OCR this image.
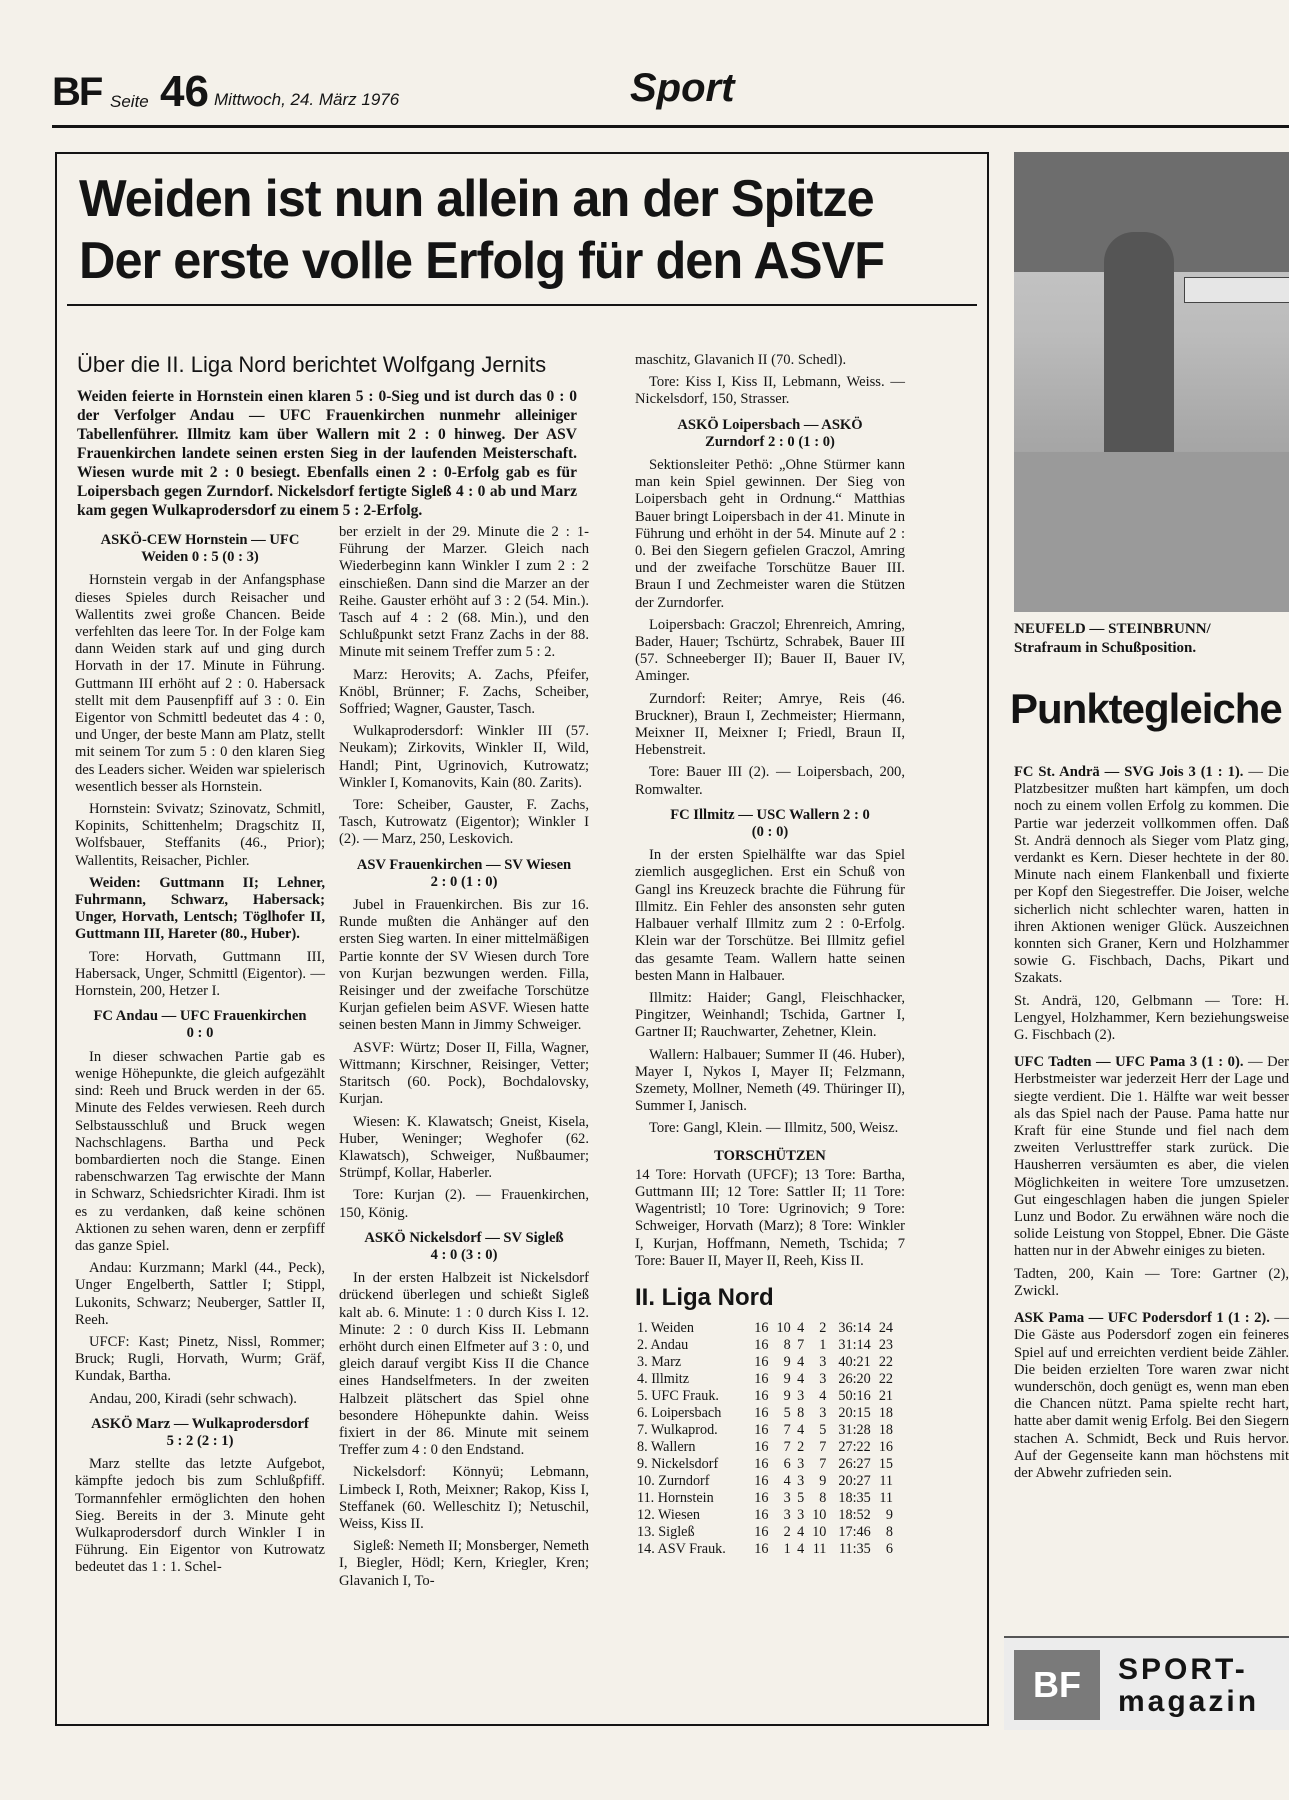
BF Seite 46 Mittwoch, 24. März 1976	Sport
Weiden ist nun allein an der Spitze
Der erste volle Erfolg für den ASVF
Über die II. Liga Nord berichtet Wolfgang Jernits
Weiden feierte in Hornstein einen klaren 5 : 0-Sieg und ist durch das 0 : 0 der Verfolger Andau — UFC Frauenkirchen nunmehr alleiniger Tabellenführer. Illmitz kam über Wallern mit 2 : 0 hinweg. Der ASV Frauenkirchen landete seinen ersten Sieg in der laufenden Meisterschaft. Wiesen wurde mit 2 : 0 besiegt. Ebenfalls einen 2 : 0-Erfolg gab es für Loipersbach gegen Zurndorf. Nickelsdorf fertigte Sigleß 4 : 0 ab und Marz kam gegen Wulkaprodersdorf zu einem 5 : 2-Erfolg.
ASKÖ-CEW Hornstein — UFC
Weiden 0 : 5 (0 : 3)

Hornstein vergab in der Anfangsphase dieses Spieles durch Reisacher und Wallentits zwei große Chancen. Beide verfehlten das leere Tor. In der Folge kam dann Weiden stark auf und ging durch Horvath in der 17. Minute in Führung. Guttmann III erhöht auf 2 : 0. Habersack stellt mit dem Pausenpfiff auf 3 : 0. Ein Eigentor von Schmittl bedeutet das 4 : 0, und Unger, der beste Mann am Platz, stellt mit seinem Tor zum 5 : 0 den klaren Sieg des Leaders sicher. Weiden war spielerisch wesentlich besser als Hornstein.

Hornstein: Svivatz; Szinovatz, Schmitl, Kopinits, Schittenhelm; Dragschitz II, Wolfsbauer, Steffanits (46., Prior); Wallentits, Reisacher, Pichler.

Weiden: Guttmann II; Lehner, Fuhrmann, Schwarz, Habersack; Unger, Horvath, Lentsch; Töglhofer II, Guttmann III, Hareter (80., Huber).

Tore: Horvath, Guttmann III, Habersack, Unger, Schmittl (Eigentor). — Hornstein, 200, Hetzer I.

FC Andau — UFC Frauenkirchen
0 : 0

In dieser schwachen Partie gab es wenige Höhepunkte, die gleich aufgezählt sind: Reeh und Bruck werden in der 65. Minute des Feldes verwiesen. Reeh durch Selbstausschluß und Bruck wegen Nachschlagens. Bartha und Peck bombardierten noch die Stange. Einen rabenschwarzen Tag erwischte der Mann in Schwarz, Schiedsrichter Kiradi. Ihm ist es zu verdanken, daß keine schönen Aktionen zu sehen waren, denn er zerpfiff das ganze Spiel.

Andau: Kurzmann; Markl (44., Peck), Unger Engelberth, Sattler I; Stippl, Lukonits, Schwarz; Neuberger, Sattler II, Reeh.

UFCF: Kast; Pinetz, Nissl, Rommer; Bruck; Rugli, Horvath, Wurm; Gräf, Kundak, Bartha.

Andau, 200, Kiradi (sehr schwach).

ASKÖ Marz — Wulkaprodersdorf
5 : 2 (2 : 1)

Marz stellte das letzte Aufgebot, kämpfte jedoch bis zum Schlußpfiff. Tormannfehler ermöglichten den hohen Sieg. Bereits in der 3. Minute geht Wulkaprodersdorf durch Winkler I in Führung. Ein Eigentor von Kutrowatz bedeutet das 1 : 1. Schel-

ber erzielt in der 29. Minute die 2 : 1-Führung der Marzer. Gleich nach Wiederbeginn kann Winkler I zum 2 : 2 einschießen. Dann sind die Marzer an der Reihe. Gauster erhöht auf 3 : 2 (54. Min.). Tasch auf 4 : 2 (68. Min.), und den Schlußpunkt setzt Franz Zachs in der 88. Minute mit seinem Treffer zum 5 : 2.

Marz: Herovits; A. Zachs, Pfeifer, Knöbl, Brünner; F. Zachs, Scheiber, Soffried; Wagner, Gauster, Tasch.

Wulkaprodersdorf: Winkler III (57. Neukam); Zirkovits, Winkler II, Wild, Handl; Pint, Ugrinovich, Kutrowatz; Winkler I, Komanovits, Kain (80. Zarits).

Tore: Scheiber, Gauster, F. Zachs, Tasch, Kutrowatz (Eigentor); Winkler I (2). — Marz, 250, Leskovich.

ASV Frauenkirchen — SV Wiesen
2 : 0 (1 : 0)

Jubel in Frauenkirchen. Bis zur 16. Runde mußten die Anhänger auf den ersten Sieg warten. In einer mittelmäßigen Partie konnte der SV Wiesen durch Tore von Kurjan bezwungen werden. Filla, Reisinger und der zweifache Torschütze Kurjan gefielen beim ASVF. Wiesen hatte seinen besten Mann in Jimmy Schweiger.

ASVF: Würtz; Doser II, Filla, Wagner, Wittmann; Kirschner, Reisinger, Vetter; Staritsch (60. Pock), Bochdalovsky, Kurjan.

Wiesen: K. Klawatsch; Gneist, Kisela, Huber, Weninger; Weghofer (62. Klawatsch), Schweiger, Nußbaumer; Strümpf, Kollar, Haberler.

Tore: Kurjan (2). — Frauenkirchen, 150, König.

ASKÖ Nickelsdorf — SV Sigleß
4 : 0 (3 : 0)

In der ersten Halbzeit ist Nickelsdorf drückend überlegen und schießt Sigleß kalt ab. 6. Minute: 1 : 0 durch Kiss I. 12. Minute: 2 : 0 durch Kiss II. Lebmann erhöht durch einen Elfmeter auf 3 : 0, und gleich darauf vergibt Kiss II die Chance eines Handselfmeters. In der zweiten Halbzeit plätschert das Spiel ohne besondere Höhepunkte dahin. Weiss fixiert in der 86. Minute mit seinem Treffer zum 4 : 0 den Endstand.

Nickelsdorf: Könnyü; Lebmann, Limbeck I, Roth, Meixner; Rakop, Kiss I, Steffanek (60. Welleschitz I); Netuschil, Weiss, Kiss II.

Sigleß: Nemeth II; Monsberger, Nemeth I, Biegler, Hödl; Kern, Kriegler, Kren; Glavanich I, To-

maschitz, Glavanich II (70. Schedl).

Tore: Kiss I, Kiss II, Lebmann, Weiss. — Nickelsdorf, 150, Strasser.

ASKÖ Loipersbach — ASKÖ
Zurndorf 2 : 0 (1 : 0)

Sektionsleiter Pethö: „Ohne Stürmer kann man kein Spiel gewinnen. Der Sieg von Loipersbach geht in Ordnung.“ Matthias Bauer bringt Loipersbach in der 41. Minute in Führung und erhöht in der 54. Minute auf 2 : 0. Bei den Siegern gefielen Graczol, Amring und der zweifache Torschütze Bauer III. Braun I und Zechmeister waren die Stützen der Zurndorfer.

Loipersbach: Graczol; Ehrenreich, Amring, Bader, Hauer; Tschürtz, Schrabek, Bauer III (57. Schneeberger II); Bauer II, Bauer IV, Aminger.

Zurndorf: Reiter; Amrye, Reis (46. Bruckner), Braun I, Zechmeister; Hiermann, Meixner II, Meixner I; Friedl, Braun II, Hebenstreit.

Tore: Bauer III (2). — Loipersbach, 200, Romwalter.

FC Illmitz — USC Wallern 2 : 0
(0 : 0)

In der ersten Spielhälfte war das Spiel ziemlich ausgeglichen. Erst ein Schuß von Gangl ins Kreuzeck brachte die Führung für Illmitz. Ein Fehler des ansonsten sehr guten Halbauer verhalf Illmitz zum 2 : 0-Erfolg. Klein war der Torschütze. Bei Illmitz gefiel das gesamte Team. Wallern hatte seinen besten Mann in Halbauer.

Illmitz: Haider; Gangl, Fleischhacker, Pingitzer, Weinhandl; Tschida, Gartner I, Gartner II; Rauchwarter, Zehetner, Klein.

Wallern: Halbauer; Summer II (46. Huber), Mayer I, Nykos I, Mayer II; Felzmann, Szemety, Mollner, Nemeth (49. Thüringer II), Summer I, Janisch.

Tore: Gangl, Klein. — Illmitz, 500, Weisz.

TORSCHÜTZEN

14 Tore: Horvath (UFCF); 13 Tore: Bartha, Guttmann III; 12 Tore: Sattler II; 11 Tore: Wagentristl; 10 Tore: Ugrinovich; 9 Tore: Schweiger, Horvath (Marz); 8 Tore: Winkler I, Kurjan, Hoffmann, Nemeth, Tschida; 7 Tore: Bauer II, Mayer II, Reeh, Kiss II.

II. Liga Nord
1. Weiden	16	10	4	2	36:14	24
2. Andau	16	8	7	1	31:14	23
3. Marz	16	9	4	3	40:21	22
4. Illmitz	16	9	4	3	26:20	22
5. UFC Frauk.	16	9	3	4	50:16	21
6. Loipersbach	16	5	8	3	20:15	18
7. Wulkaprod.	16	7	4	5	31:28	18
8. Wallern	16	7	2	7	27:22	16
9. Nickelsdorf	16	6	3	7	26:27	15
10. Zurndorf	16	4	3	9	20:27	11
11. Hornstein	16	3	5	8	18:35	11
12. Wiesen	16	3	3	10	18:52	9
13. Sigleß	16	2	4	10	17:46	8
14. ASV Frauk.	16	1	4	11	11:35	6
NEUFELD — STEINBRUNN/
Strafraum in Schußposition.
Punktegleiche

FC St. Andrä — SVG Jois 3 (1 : 1). — Die Platzbesitzer mußten hart kämpfen, um doch noch zu einem vollen Erfolg zu kommen. Die Partie war jederzeit vollkommen offen. Daß St. Andrä dennoch als Sieger vom Platz ging, verdankt es Kern. Dieser hechtete in der 80. Minute nach einem Flankenball und fixierte per Kopf den Siegestreffer. Die Joiser, welche sicherlich nicht schlechter waren, hatten in ihren Aktionen weniger Glück. Auszeichnen konnten sich Graner, Kern und Holzhammer sowie G. Fischbach, Dachs, Pikart und Szakats.

St. Andrä, 120, Gelbmann — Tore: H. Lengyel, Holzhammer, Kern beziehungsweise G. Fischbach (2).

UFC Tadten — UFC Pama 3 (1 : 0). — Der Herbstmeister war jederzeit Herr der Lage und siegte verdient. Die 1. Hälfte war weit besser als das Spiel nach der Pause. Pama hatte nur Kraft für eine Stunde und fiel nach dem zweiten Verlusttreffer stark zurück. Die Hausherren versäumten es aber, die vielen Möglichkeiten in weitere Tore umzusetzen. Gut eingeschlagen haben die jungen Spieler Lunz und Bodor. Zu erwähnen wäre noch die solide Leistung von Stoppel, Ebner. Die Gäste hatten nur in der Abwehr einiges zu bieten.

Tadten, 200, Kain — Tore: Gartner (2), Zwickl.

ASK Pama — UFC Podersdorf 1 (1 : 2). — Die Gäste aus Podersdorf zogen ein feineres Spiel auf und erreichten verdient beide Zähler. Die beiden erzielten Tore waren zwar nicht wunderschön, doch genügt es, wenn man eben die Chancen nützt. Pama spielte recht hart, hatte aber damit wenig Erfolg. Bei den Siegern stachen A. Schmidt, Beck und Ruis hervor. Auf der Gegenseite kann man höchstens mit der Abwehr zufrieden sein.

BF	SPORT-
magazin
